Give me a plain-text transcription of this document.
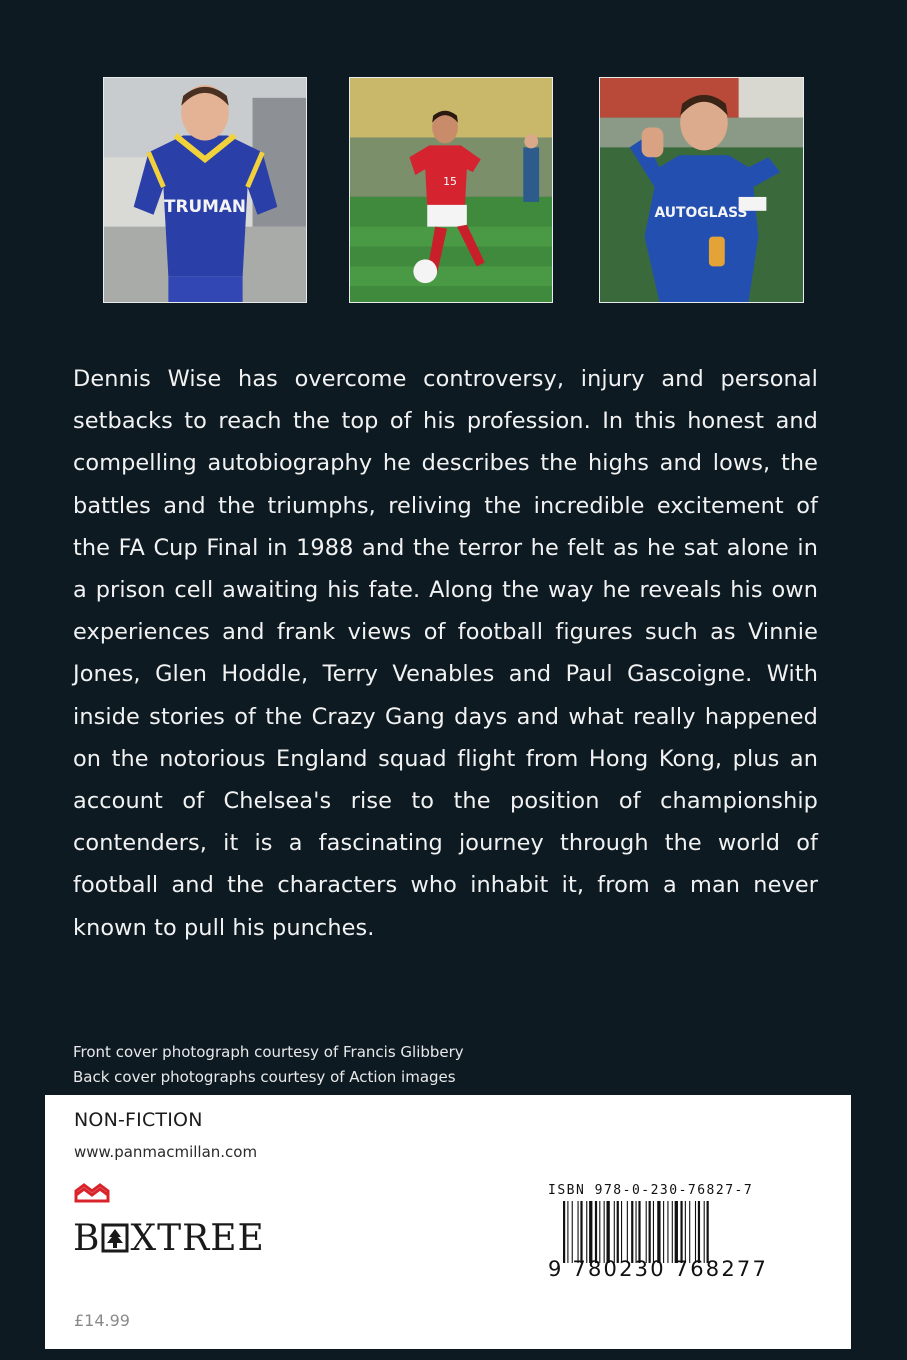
TRUMAN
15
AUTOGLASS

Dennis Wise has overcome controversy, injury and personal setbacks to reach the top of his profession. In this honest and compelling autobiography he describes the highs and lows, the battles and the triumphs, reliving the incredible excitement of the FA Cup Final in 1988 and the terror he felt as he sat alone in a prison cell awaiting his fate. Along the way he reveals his own experiences and frank views of football figures such as Vinnie Jones, Glen Hoddle, Terry Venables and Paul Gascoigne. With inside stories of the Crazy Gang days and what really happened on the notorious England squad flight from Hong Kong, plus an account of Chelsea's rise to the position of championship contenders, it is a fascinating journey through the world of football and the characters who inhabit it, from a man never known to pull his punches.

Front cover photograph courtesy of Francis Glibbery
Back cover photographs courtesy of Action images
NON-FICTION
www.panmacmillan.com
B XTREE
£14.99
ISBN 978-0-230-76827-7
9 780230 768277
